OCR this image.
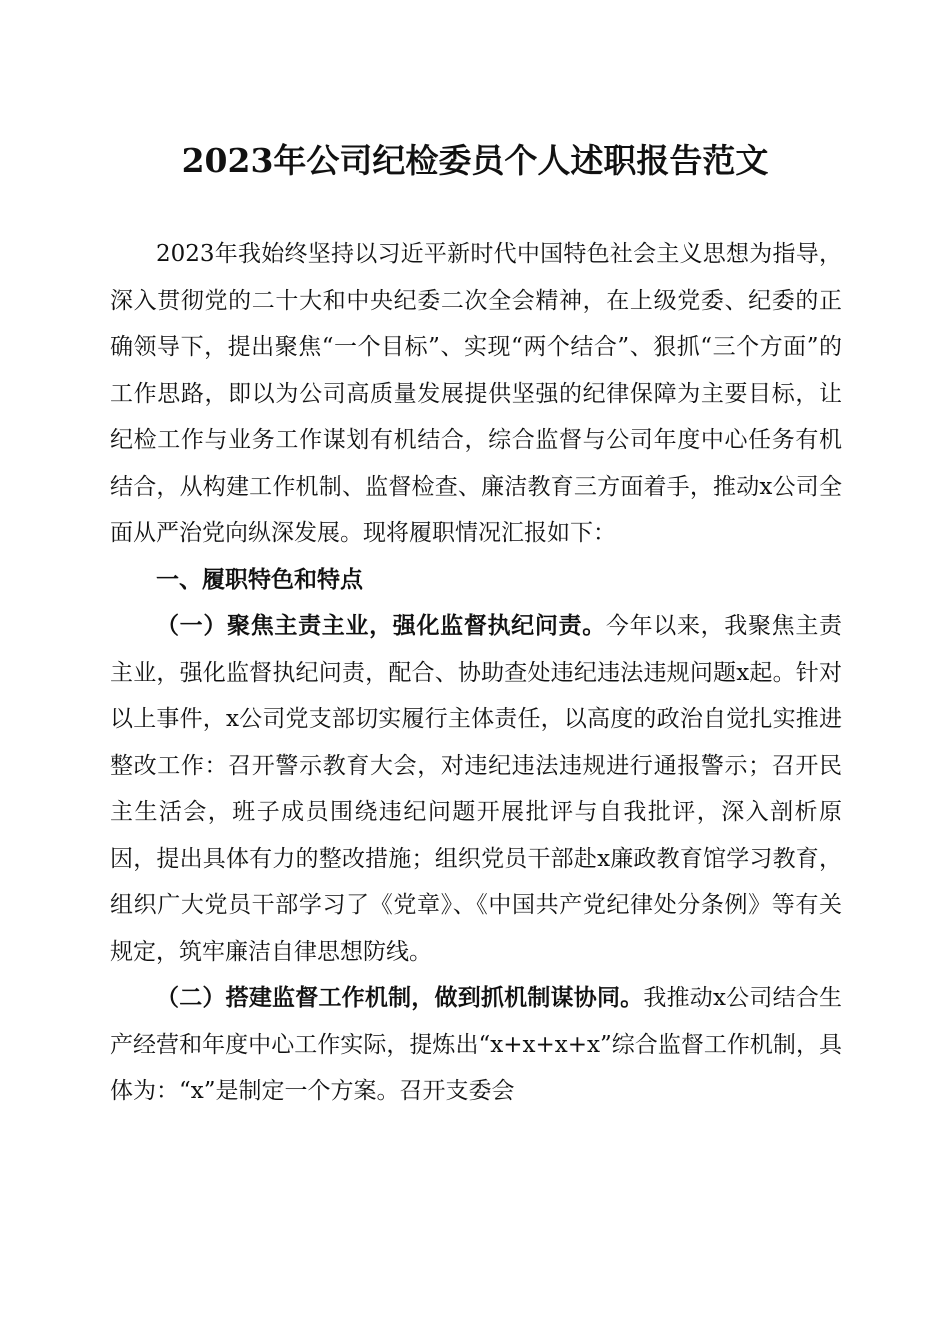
2023年公司纪检委员个人述职报告范文

2023年我始终坚持以习近平新时代中国特色社会主义思想为指导，深入贯彻党的二十大和中央纪委二次全会精神，在上级党委、纪委的正确领导下，提出聚焦“一个目标”、实现“两个结合”、狠抓“三个方面”的工作思路，即以为公司高质量发展提供坚强的纪律保障为主要目标，让纪检工作与业务工作谋划有机结合，综合监督与公司年度中心任务有机结合，从构建工作机制、监督检查、廉洁教育三方面着手，推动x公司全面从严治党向纵深发展。现将履职情况汇报如下：

一、履职特色和特点

（一）聚焦主责主业，强化监督执纪问责。今年以来，我聚焦主责主业，强化监督执纪问责，配合、协助查处违纪违法违规问题x起。针对以上事件，x公司党支部切实履行主体责任，以高度的政治自觉扎实推进整改工作：召开警示教育大会，对违纪违法违规进行通报警示；召开民主生活会，班子成员围绕违纪问题开展批评与自我批评，深入剖析原因，提出具体有力的整改措施；组织党员干部赴x廉政教育馆学习教育，组织广大党员干部学习了《党章》、《中国共产党纪律处分条例》等有关规定，筑牢廉洁自律思想防线。

（二）搭建监督工作机制，做到抓机制谋协同。我推动x公司结合生产经营和年度中心工作实际，提炼出“x+x+x+x”综合监督工作机制，具体为：“x”是制定一个方案。召开支委会
